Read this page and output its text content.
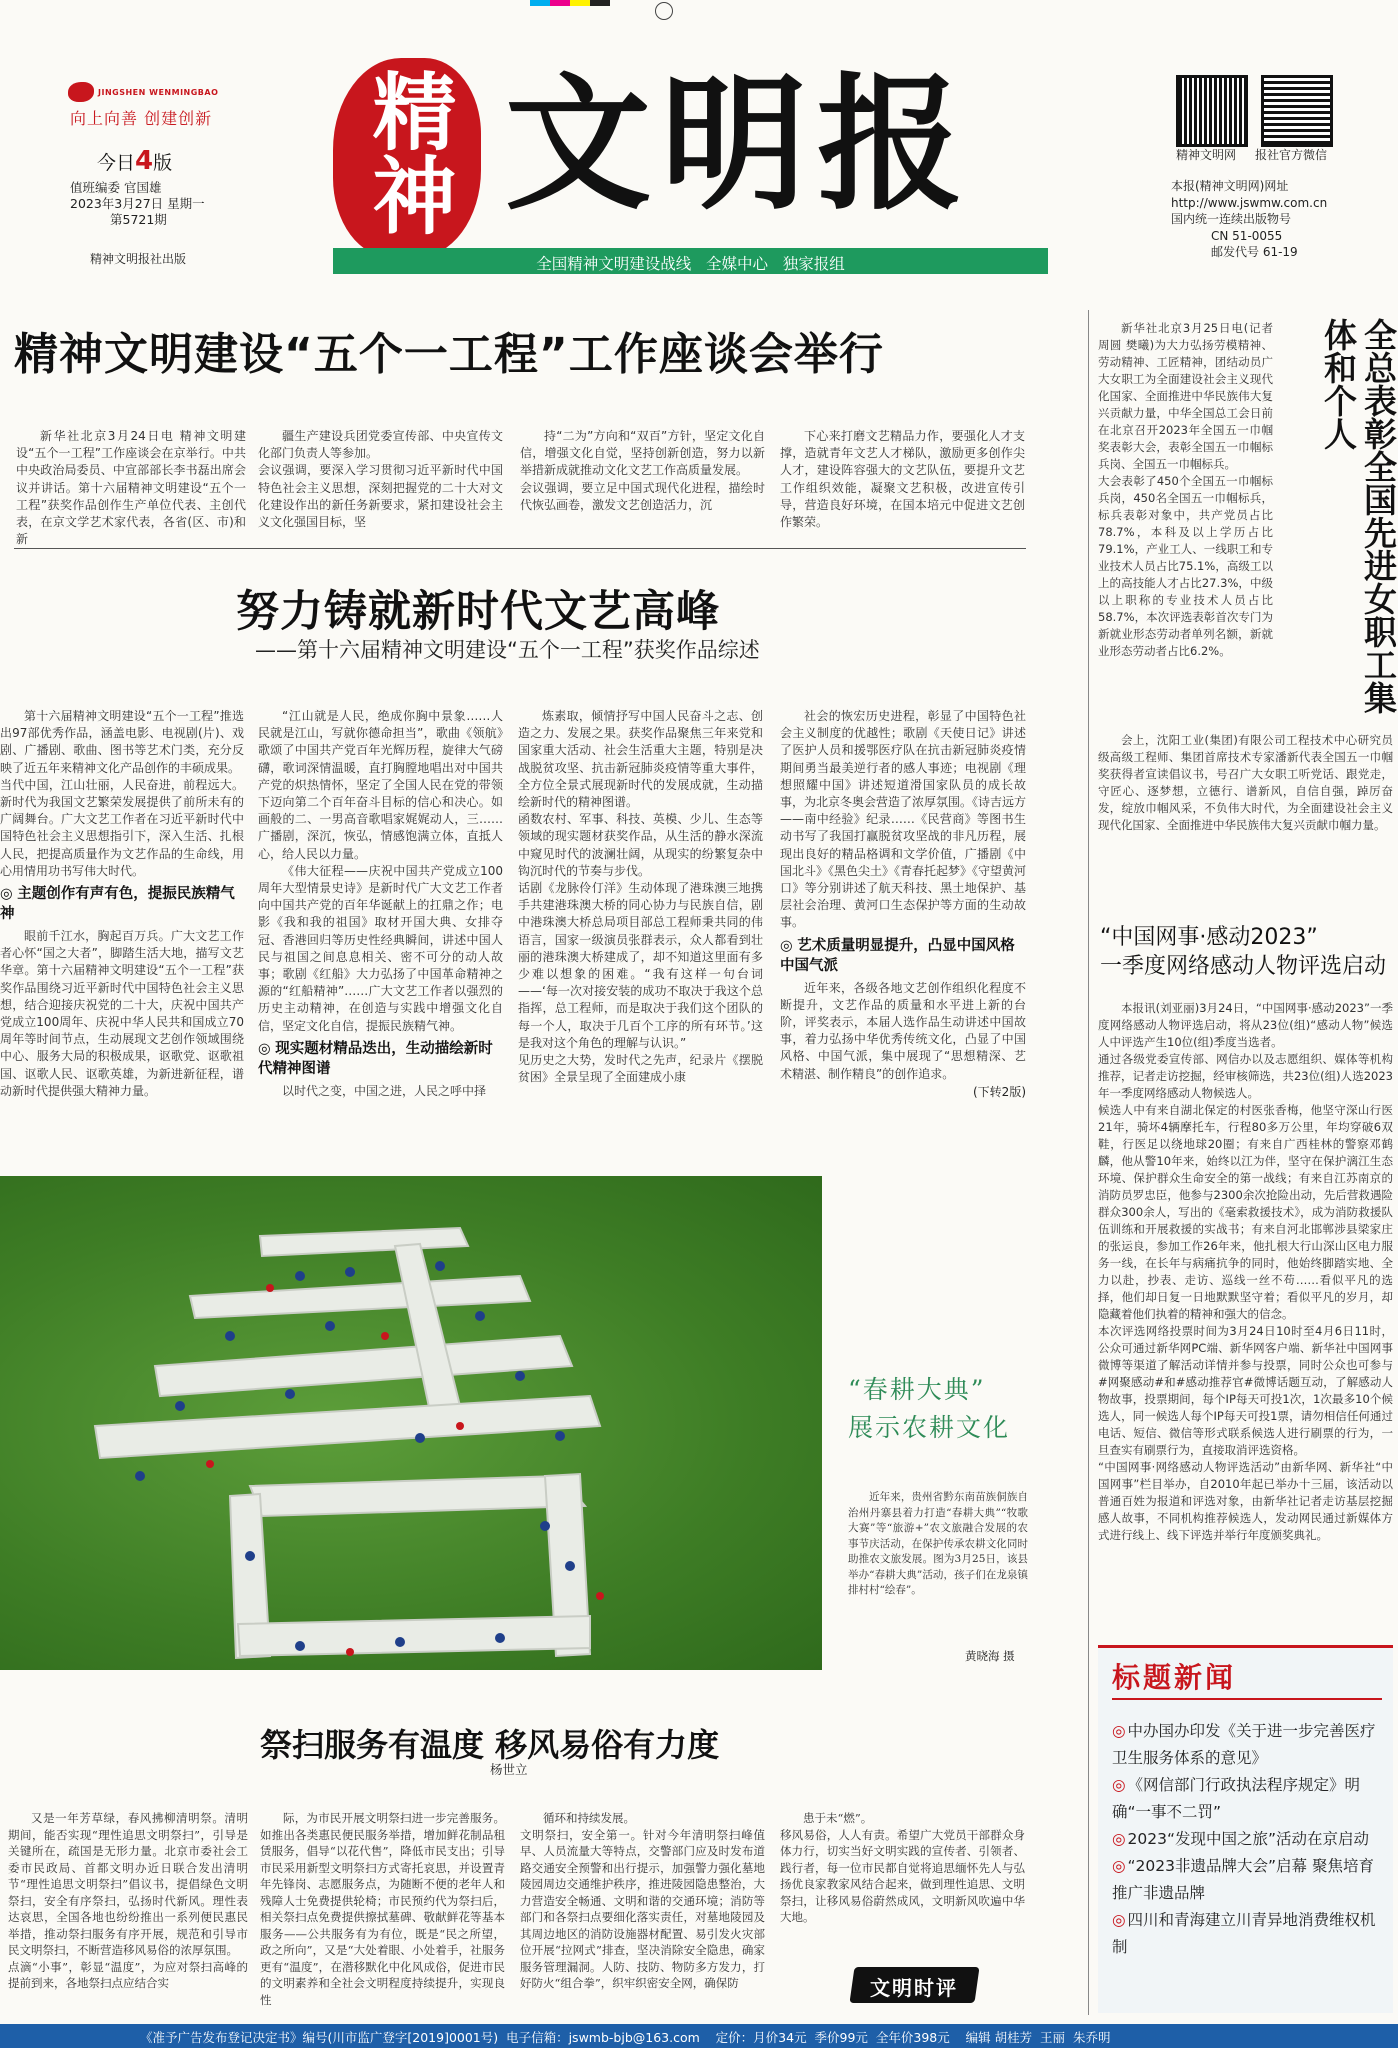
JINGSHEN WENMINGBAO
向上向善 创建创新
今日4版
值班编委 官国雄
2023年3月27日 星期一
第5721期
精神文明报社出版
精神 文明报
全国精神文明建设战线   全媒中心   独家报组
精神文明网 报社官方微信
本报(精神文明网)网址
http://www.jswmw.com.cn
国内统一连续出版物号
CN 51-0055
邮发代号 61-19
精神文明建设“五个一工程”工作座谈会举行

新华社北京3月24日电 精神文明建设“五个一工程”工作座谈会在京举行。中共中央政治局委员、中宣部部长李书磊出席会议并讲话。第十六届精神文明建设“五个一工程”获奖作品创作生产单位代表、主创代表，在京文学艺术家代表，各省(区、市)和新

疆生产建设兵团党委宣传部、中央宣传文化部门负责人等参加。
会议强调，要深入学习贯彻习近平新时代中国特色社会主义思想，深刻把握党的二十大对文化建设作出的新任务新要求，紧扣建设社会主义文化强国目标，坚

持“二为”方向和“双百”方针，坚定文化自信，增强文化自觉，坚持创新创造，努力以新举措新成就推动文化文艺工作高质量发展。
会议强调，要立足中国式现代化进程，描绘时代恢弘画卷，激发文艺创造活力，沉

下心来打磨文艺精品力作，要强化人才支撑，造就青年文艺人才梯队，激励更多创作尖人才，建设阵容强大的文艺队伍，要提升文艺工作组织效能，凝聚文艺积极，改进宣传引导，营造良好环境，在国本培元中促进文艺创作繁荣。

努力铸就新时代文艺高峰
——第十六届精神文明建设“五个一工程”获奖作品综述

第十六届精神文明建设“五个一工程”推选出97部优秀作品，涵盖电影、电视剧(片)、戏剧、广播剧、歌曲、图书等艺术门类，充分反映了近五年来精神文化产品创作的丰硕成果。
当代中国，江山壮丽，人民奋进，前程远大。新时代为我国文艺繁荣发展提供了前所未有的广阔舞台。广大文艺工作者在习近平新时代中国特色社会主义思想指引下，深入生活、扎根人民，把提高质量作为文艺作品的生命线，用心用情用功书写伟大时代。

◎ 主题创作有声有色，提振民族精气神

眼前千江水，胸起百万兵。广大文艺工作者心怀“国之大者”，脚踏生活大地，描写文艺华章。第十六届精神文明建设“五个一工程”获奖作品围绕习近平新时代中国特色社会主义思想，结合迎接庆祝党的二十大，庆祝中国共产党成立100周年、庆祝中华人民共和国成立70周年等时间节点，生动展现文艺创作领域围绕中心、服务大局的积极成果，讴歌党、讴歌祖国、讴歌人民、讴歌英雄，为新进新征程，谱动新时代提供强大精神力量。

“江山就是人民，绝成你胸中景象……人民就是江山，写就你德命担当”，歌曲《领航》歌颂了中国共产党百年光辉历程，旋律大气磅礴，歌词深情温暖，直打胸膛地唱出对中国共产党的炽热情怀，坚定了全国人民在党的带领下迈向第二个百年奋斗目标的信心和决心。如画般的二、一男高音歌唱家娓娓动人，三……广播剧，深沉，恢弘，情感饱满立体，直抵人心，给人民以力量。

《伟大征程——庆祝中国共产党成立100周年大型情景史诗》是新时代广大文艺工作者向中国共产党的百年华诞献上的扛鼎之作；电影《我和我的祖国》取材开国大典、女排夺冠、香港回归等历史性经典瞬间，讲述中国人民与祖国之间息息相关、密不可分的动人故事；歌剧《红船》大力弘扬了中国革命精神之源的“红船精神”……广大文艺工作者以强烈的历史主动精神，在创造与实践中增强文化自信，坚定文化自信，提振民族精气神。

◎ 现实题材精品迭出，生动描绘新时代精神图谱

以时代之变，中国之进，人民之呼中择

炼素取，倾情抒写中国人民奋斗之志、创造之力、发展之果。获奖作品聚焦三年来党和国家重大活动、社会生活重大主题，特别是决战脱贫攻坚、抗击新冠肺炎疫情等重大事件，全方位全景式展现新时代的发展成就，生动描绘新时代的精神图谱。
函数农村、军事、科技、英模、少儿、生态等领域的现实题材获奖作品，从生活的静水深流中窥见时代的波澜壮阔，从现实的纷繁复杂中钩沉时代的节奏与步伐。
话剧《龙脉伶仃洋》生动体现了港珠澳三地携手共建港珠澳大桥的同心协力与民族自信，剧中港珠澳大桥总局项目部总工程师秉共同的伟语言，国家一级演员张群表示，众人都看到壮丽的港珠澳大桥建成了，却不知道这里面有多少难以想象的困难。“我有这样一句台词——‘每一次对接安装的成功不取决于我这个总指挥，总工程师，而是取决于我们这个团队的每一个人，取决于几百个工序的所有环节。’这是我对这个角色的理解与认识。”
见历史之大势，发时代之先声，纪录片《摆脱贫困》全景呈现了全面建成小康

社会的恢宏历史进程，彰显了中国特色社会主义制度的优越性；歌剧《天使日记》讲述了医护人员和援鄂医疗队在抗击新冠肺炎疫情期间勇当最美逆行者的感人事迹；电视剧《理想照耀中国》讲述短道滑国家队员的成长故事，为北京冬奥会营造了浓厚氛围。《诗吉远方——南中经验》纪录……《民营商》等图书生动书写了我国打赢脱贫攻坚战的非凡历程，展现出良好的精品格调和文学价值，广播剧《中国北斗》《黑色尖土》《青春托起梦》《守望黄河口》等分别讲述了航天科技、黑土地保护、基层社会治理、黄河口生态保护等方面的生动故事。

◎ 艺术质量明显提升，凸显中国风格中国气派

近年来，各级各地文艺创作组织化程度不断提升，文艺作品的质量和水平进上新的台阶，评奖表示，本届人选作品生动讲述中国故事，着力弘扬中华优秀传统文化，凸显了中国风格、中国气派，集中展现了“思想精深、艺术精湛、制作精良”的创作追求。

(下转2版)
全总表彰全国先进女职工集体和个人

新华社北京3月25日电(记者 周圆 樊曦)为大力弘扬劳模精神、劳动精神、工匠精神，团结动员广大女职工为全面建设社会主义现代化国家、全面推进中华民族伟大复兴贡献力量，中华全国总工会日前在北京召开2023年全国五一巾帼奖表彰大会，表彰全国五一巾帼标兵岗、全国五一巾帼标兵。
大会表彰了450个全国五一巾帼标兵岗，450名全国五一巾帼标兵，标兵表彰对象中，共产党员占比78.7%，本科及以上学历占比79.1%，产业工人、一线职工和专业技术人员占比75.1%，高级工以上的高技能人才占比27.3%，中级以上职称的专业技术人员占比58.7%，本次评选表彰首次专门为新就业形态劳动者单列名额，新就业形态劳动者占比6.2%。

会上，沈阳工业(集团)有限公司工程技术中心研究员级高级工程师、集团首席技术专家潘新代表全国五一巾帼奖获得者宣读倡议书，号召广大女职工听党话、跟党走，守匠心、逐梦想，立德行、谱新风，自信自强，踔厉奋发，绽放巾帼风采，不负伟大时代，为全面建设社会主义现代化国家、全面推进中华民族伟大复兴贡献巾帼力量。

“中国网事·感动2023”
一季度网络感动人物评选启动

本报讯(刘亚丽)3月24日，“中国网事·感动2023”一季度网络感动人物评选启动，将从23位(组)“感动人物”候选人中评选产生10位(组)季度当选者。
通过各级党委宣传部、网信办以及志愿组织、媒体等机构推荐，记者走访挖掘，经审核筛选，共23位(组)人选2023年一季度网络感动人物候选人。
候选人中有来自湖北保定的村医张香梅，他坚守深山行医21年，骑坏4辆摩托车，行程80多万公里，年均穿破6双鞋，行医足以绕地球20圈；有来自广西桂林的警察邓鹤麟，他从警10年来，始终以江为伴，坚守在保护漓江生态环境、保护群众生命安全的第一战线；有来自江苏南京的消防员罗忠臣，他参与2300余次抢险出动，先后营救遇险群众300余人，写出的《毫索救援技术》，成为消防救援队伍训练和开展救援的实战书；有来自河北邯郸涉县梁家庄的张运良，参加工作26年来，他扎根大行山深山区电力服务一线，在长年与病痛抗争的同时，他始终脚踏实地、全力以赴，抄表、走访、巡线一丝不苟……看似平凡的选择，他们却日复一日地默默坚守着；看似平凡的岁月，却隐藏着他们执着的精神和强大的信念。
本次评选网络投票时间为3月24日10时至4月6日11时，公众可通过新华网PC端、新华网客户端、新华社中国网事微博等渠道了解活动详情并参与投票，同时公众也可参与#网聚感动#和#感动推荐官#微博话题互动，了解感动人物故事，投票期间，每个IP每天可投1次，1次最多10个候选人，同一候选人每个IP每天可投1票，请勿相信任何通过电话、短信、微信等形式联系候选人进行刷票的行为，一旦查实有刷票行为，直接取消评选资格。
“中国网事·网络感动人物评选活动”由新华网、新华社“中国网事”栏目举办，自2010年起已举办十三届，该活动以普通百姓为报道和评选对象，由新华社记者走访基层挖掘感人故事，不同机构推荐候选人，发动网民通过新媒体方式进行线上、线下评选并举行年度颁奖典礼。

标题新闻
◎ 中办国办印发《关于进一步完善医疗卫生服务体系的意见》
◎ 《网信部门行政执法程序规定》明确“一事不二罚”
◎ 2023“发现中国之旅”活动在京启动
◎ “2023非遗品牌大会”启幕 聚焦培育推广非遗品牌
◎ 四川和青海建立川青异地消费维权机制
“春耕大典”
展示农耕文化

近年来，贵州省黔东南苗族侗族自治州丹寨县着力打造“春耕大典”“牧歌大赛”等“旅游+”农文旅融合发展的农事节庆活动，在保护传承农耕文化同时助推农文旅发展。图为3月25日，该县举办“春耕大典”活动，孩子们在龙泉镇排村村“绘春”。

黄晓海 摄
祭扫服务有温度 移风易俗有力度
杨世立

又是一年芳草绿，春风拂柳清明祭。清明期间，能否实现“理性追思文明祭扫”，引导是关键所在，疏国是无形力量。北京市委社会工委市民政局、首都文明办近日联合发出清明节“理性追思文明祭扫”倡议书，提倡绿色文明祭扫，安全有序祭扫，弘扬时代新风。理性表达哀思，全国各地也纷纷推出一系列便民惠民举措，推动祭扫服务有序开展，规范和引导市民文明祭扫，不断营造移风易俗的浓厚氛围。
点滴“小事”，彰显“温度”，为应对祭扫高峰的提前到来，各地祭扫点应结合实

际，为市民开展文明祭扫进一步完善服务。如推出各类惠民便民服务举措，增加鲜花制品租赁服务，倡导“以花代售”，降低市民支出；引导市民采用新型文明祭扫方式寄托哀思，并设置青年先锋岗、志愿服务点，为随断不便的老年人和残障人士免费提供轮椅；市民预约代为祭扫后，相关祭扫点免费提供擦拭墓碑、敬献鲜花等基本服务——公共服务有为有位，既是“民之所望，政之所向”，又是“大处着眼、小处着手，社服务更有“温度”，在潜移默化中化风成俗，促进市民的文明素养和全社会文明程度持续提升，实现良性

循环和持续发展。
文明祭扫，安全第一。针对今年清明祭扫峰值早、人员流量大等特点，交警部门应及时发布道路交通安全预警和出行提示，加强警力强化墓地陵园周边交通维护秩序，推进陵园隐患整治，大力营造安全畅通、文明和谐的交通环境；消防等部门和各祭扫点要细化落实责任，对墓地陵园及其周边地区的消防设施器材配置、易引发火灾部位开展“拉网式”排查，坚决消除安全隐患，确家服务管理漏洞。人防、技防、物防多方发力，打好防火“组合拳”，织牢织密安全网，确保防

患于未“燃”。
移风易俗，人人有责。希望广大党员干部群众身体力行，切实当好文明实践的宣传者、引领者、践行者，每一位市民都自觉将追思缅怀先人与弘扬优良家教家风结合起来，做到理性追思、文明祭扫，让移风易俗蔚然成风，文明新风吹遍中华大地。

文明时评
《准予广告发布登记决定书》编号(川市监广登字[2019]0001号)  电子信箱：jswmb-bjb@163.com    定价：月价34元  季价99元  全年价398元    编辑 胡桂芳  王丽  朱乔明
